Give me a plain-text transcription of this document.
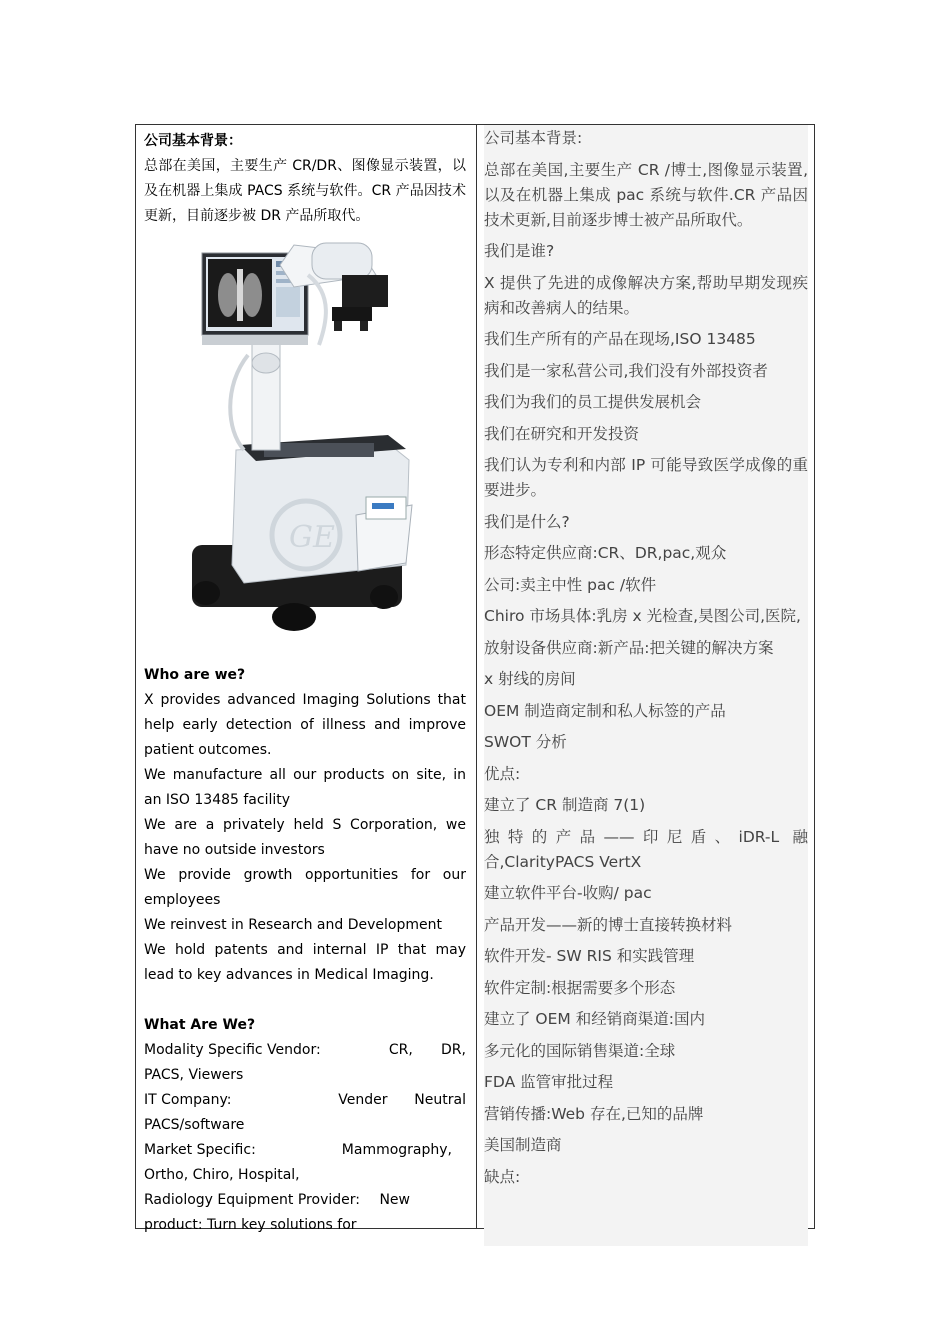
公司基本背景：

总部在美国，主要生产 CR/DR、图像显示装置，以及在机器上集成 PACS 系统与软件。CR 产品因技术更新，目前逐步被 DR 产品所取代。

GE

Who are we?

X provides advanced Imaging Solutions that help early detection of illness and improve patient outcomes.

We manufacture all our products on site, in an ISO 13485 facility

We are a privately held S Corporation, we have no outside investors

We provide growth opportunities for our employees

We reinvest in Research and Development

We hold patents and internal IP that may lead to key advances in Medical Imaging.

What Are We?

Modality Specific Vendor:	CR, DR,

PACS, Viewers

IT Company:	Vender Neutral

PACS/software

Market Specific:	Mammography,

Ortho, Chiro, Hospital,

Radiology Equipment Provider: New

product: Turn key solutions for

公司基本背景:

总部在美国,主要生产 CR /博士,图像显示装置,以及在机器上集成 pac 系统与软件.CR 产品因技术更新,目前逐步博士被产品所取代。

我们是谁?

X 提供了先进的成像解决方案,帮助早期发现疾病和改善病人的结果。

我们生产所有的产品在现场,ISO 13485

我们是一家私营公司,我们没有外部投资者

我们为我们的员工提供发展机会

我们在研究和开发投资

我们认为专利和内部 IP 可能导致医学成像的重要进步。

我们是什么?

形态特定供应商:CR、DR,pac,观众

公司:卖主中性 pac /软件

Chiro 市场具体:乳房 x 光检查,昊图公司,医院,

放射设备供应商:新产品:把关键的解决方案

x 射线的房间

OEM 制造商定制和私人标签的产品

SWOT 分析

优点:

建立了 CR 制造商 7(1)

独特的产品——印尼盾、iDR-L 融合,ClarityPACS VertX

建立软件平台-收购/ pac

产品开发——新的博士直接转换材料

软件开发- SW RIS 和实践管理

软件定制:根据需要多个形态

建立了 OEM 和经销商渠道:国内

多元化的国际销售渠道:全球

FDA 监管审批过程

营销传播:Web 存在,已知的品牌

美国制造商

缺点:
